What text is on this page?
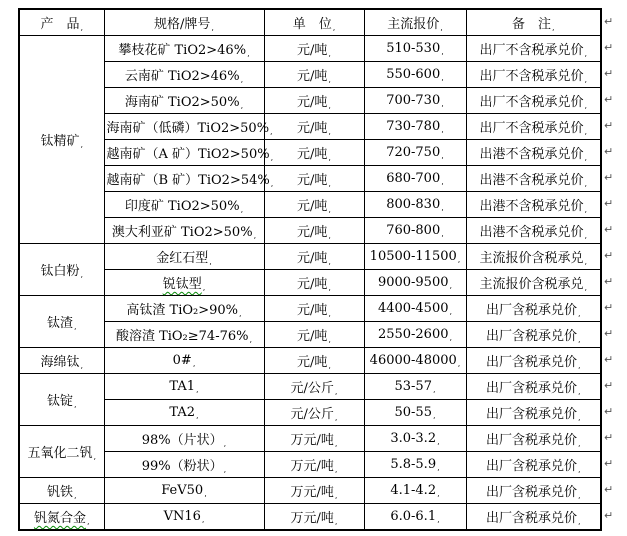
产　品,	规格/牌号,	单　位,	主流报价,	备　注,
钛精矿,	攀枝花矿 TiO2>46%,	元/吨,	510-530,	出厂不含税承兑价,
	云南矿 TiO2>46%,	元/吨,	550-600,	出厂不含税承兑价,
	海南矿 TiO2>50%,	元/吨,	700-730,	出厂不含税承兑价,
	海南矿（低磷）TiO2>50%,	元/吨,	730-780,	出厂不含税承兑价,
	越南矿（A 矿）TiO2>50%,	元/吨,	720-750,	出港不含税承兑价,
	越南矿（B 矿）TiO2>54%,	元/吨,	680-700,	出港不含税承兑价,
	印度矿 TiO2>50%,	元/吨,	800-830,	出港不含税承兑价,
	澳大利亚矿 TiO2>50%,	元/吨,	760-800,	出港不含税承兑价,
钛白粉,	金红石型,	元/吨,	10500-11500,	主流报价含税承兑,
	锐钛型,	元/吨,	9000-9500,	主流报价含税承兑,
钛渣,	高钛渣 TiO₂>90%,	元/吨,	4400-4500,	出厂含税承兑价,
	酸溶渣 TiO₂≥74-76%,	元/吨,	2550-2600,	出厂含税承兑价,
海绵钛,	0#,	元/吨,	46000-48000,	出厂含税承兑价,
钛锭,	TA1,	元/公斤,	53-57,	出厂含税承兑价,
	TA2,	元/公斤,	50-55,	出厂含税承兑价,
五氧化二钒,	98%（片状）,	万元/吨,	3.0-3.2,	出厂含税承兑价,
	99%（粉状）,	万元/吨,	5.8-5.9,	出厂含税承兑价,
钒铁,	FeV50,	万元/吨,	4.1-4.2,	出厂含税承兑价,
钒氮合金,	VN16,	万元/吨,	6.0-6.1,	出厂含税承兑价,
↵
↵
↵
↵
↵
↵
↵
↵
↵
↵
↵
↵
↵
↵
↵
↵
↵
↵
↵
↵
